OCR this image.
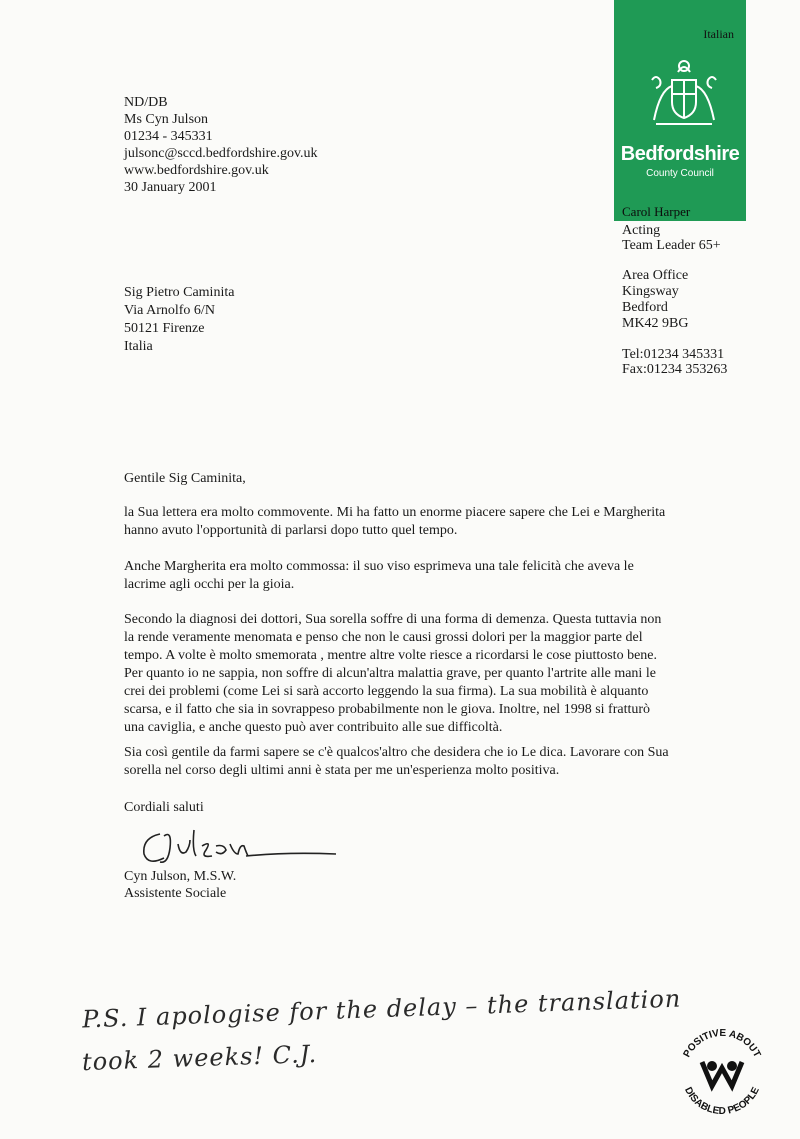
Italian
Bedfordshire
County Council
Carol Harper
Acting
Team Leader 65+
Area Office
Kingsway
Bedford
MK42 9BG
Tel:01234 345331
Fax:01234 353263
ND/DB
Ms Cyn Julson
01234 - 345331
julsonc@sccd.bedfordshire.gov.uk
www.bedfordshire.gov.uk
30 January 2001
Sig Pietro Caminita
Via Arnolfo 6/N
50121 Firenze
Italia
Gentile Sig Caminita,
la Sua lettera era molto commovente. Mi ha fatto un enorme piacere sapere che Lei e Margherita hanno avuto l'opportunità di parlarsi dopo tutto quel tempo.
Anche Margherita era molto commossa: il suo viso esprimeva una tale felicità che aveva le lacrime agli occhi per la gioia.
Secondo la diagnosi dei dottori, Sua sorella soffre di una forma di demenza. Questa tuttavia non la rende veramente menomata e penso che non le causi grossi dolori per la maggior parte del tempo. A volte è molto smemorata , mentre altre volte riesce a ricordarsi le cose piuttosto bene. Per quanto io ne sappia, non soffre di alcun'altra malattia grave, per quanto l'artrite alle mani le crei dei problemi (come Lei si sarà accorto leggendo la sua firma). La sua mobilità è alquanto scarsa, e il fatto che sia in sovrappeso probabilmente non le giova. Inoltre, nel 1998 si fratturò una caviglia, e anche questo può aver contribuito alle sue difficoltà.
Sia così gentile da farmi sapere se c'è qualcos'altro che desidera che io Le dica. Lavorare con Sua sorella nel corso degli ultimi anni è stata per me un'esperienza molto positiva.
Cordiali saluti
Cyn Julson, M.S.W.
Assistente Sociale
P.S. I apologise for the delay – the translation
took 2 weeks! C.J.	POSITIVE ABOUT
DISABLED PEOPLE
